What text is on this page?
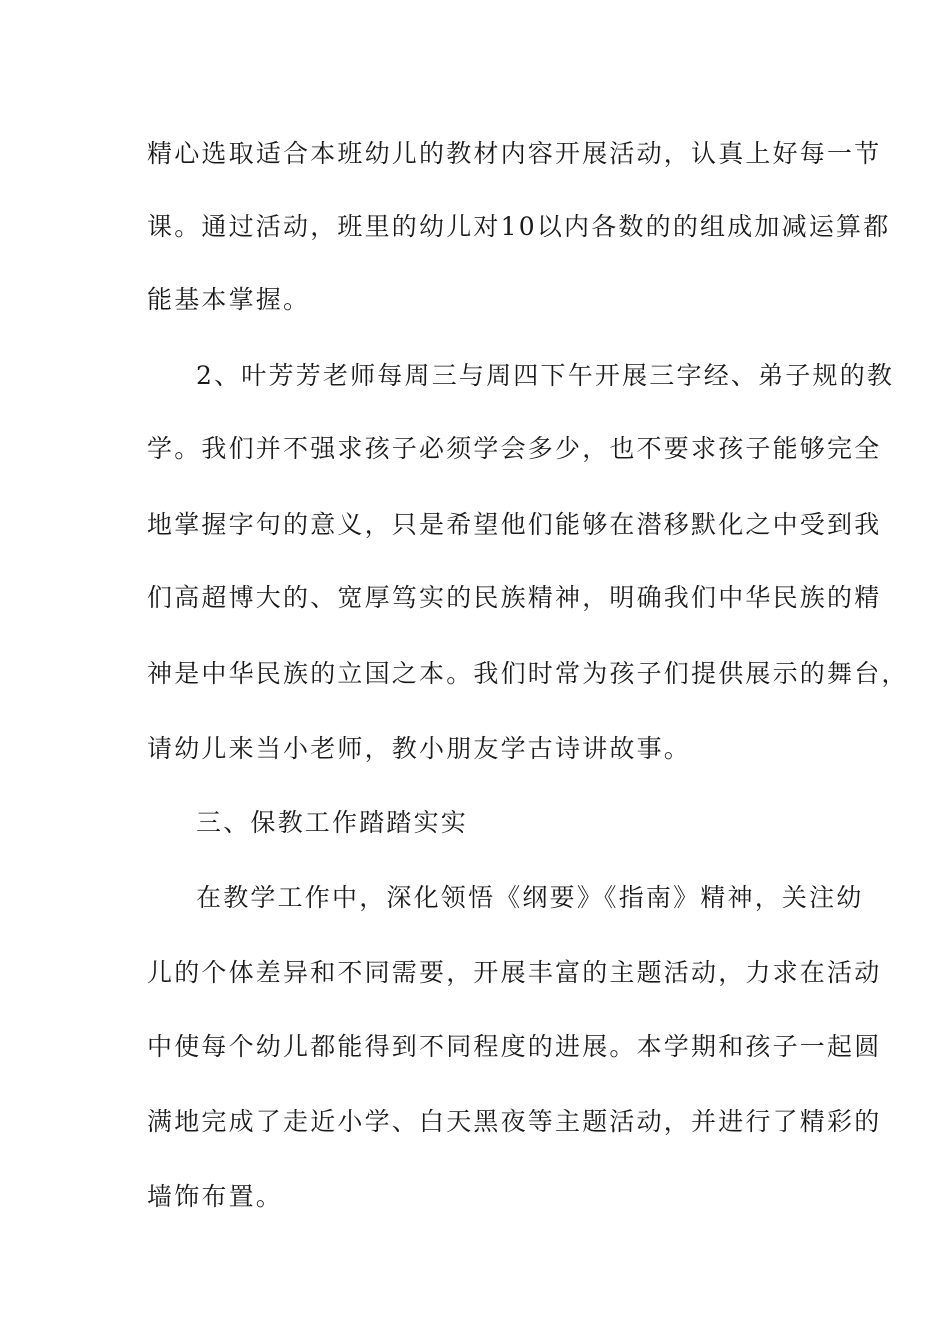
精心选取适合本班幼儿的教材内容开展活动，认真上好每一节
课。通过活动，班里的幼儿对10以内各数的的组成加减运算都
能基本掌握。
2、叶芳芳老师每周三与周四下午开展三字经、弟子规的教
学。我们并不强求孩子必须学会多少，也不要求孩子能够完全
地掌握字句的意义，只是希望他们能够在潜移默化之中受到我
们高超博大的、宽厚笃实的民族精神，明确我们中华民族的精
神是中华民族的立国之本。我们时常为孩子们提供展示的舞台，
请幼儿来当小老师，教小朋友学古诗讲故事。
三、保教工作踏踏实实
在教学工作中，深化领悟《纲要》《指南》精神，关注幼
儿的个体差异和不同需要，开展丰富的主题活动，力求在活动
中使每个幼儿都能得到不同程度的进展。本学期和孩子一起圆
满地完成了走近小学、白天黑夜等主题活动，并进行了精彩的
墙饰布置。
